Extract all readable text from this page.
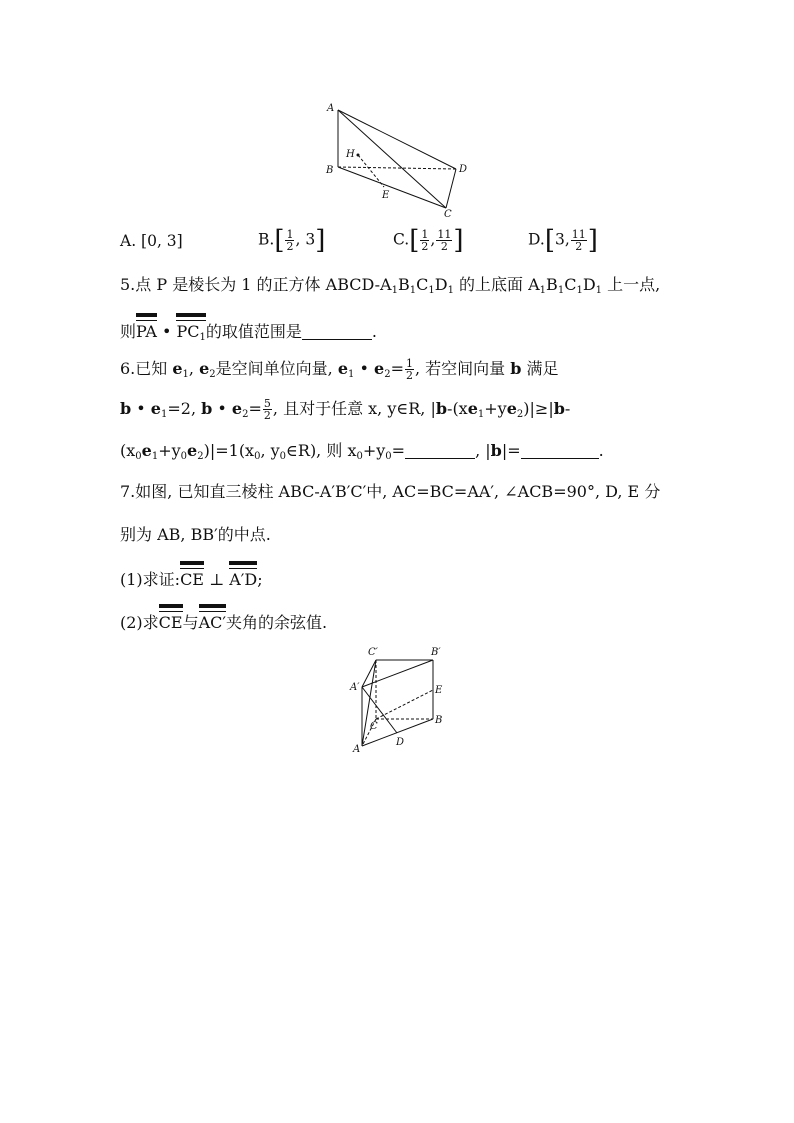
A
B
H
E
D
C
A. [0, 3]	$B.[ \frac{1}{2}$ , 3]	$C.[ \frac{1}{2}$ , $\frac{11}{2}$ ]	D.[3, $\frac{11}{2}$ ]
5.点 P 是棱长为 1 的正方体 ABCD-$A_1B_1C_1D_1$ 的上底面 $A_1B_1C_1D_1$ 上一点,
则PA • $PC_1$的取值范围是	.
6.已知 $e_1$, $e_2$是空间单位向量, $e_1$ • $e_2= \frac{1}{2}$ , 若空间向量 b 满足
b • $e_1=2$, b • $e_2= \frac{5}{2}$ , 且对于任意 x, y∈R, $|b-(xe_1+ye_2)|\ge|b-$
$(x_0e_1+y_0e_2)|=1(x_0$, $y_0\in R$), 则 $x_0+y_0=$	, |b|=	.
7.如图, 已知直三棱柱 ABC-A′B′C′中, AC=BC=AA′, ∠ACB=90°, D, E 分
别为 AB, BB′的中点.
(1)求证:CE ⊥ A′D;
(2)求CE与AC′夹角的余弦值.
C′	B′
A′	E
C
B
A
D
